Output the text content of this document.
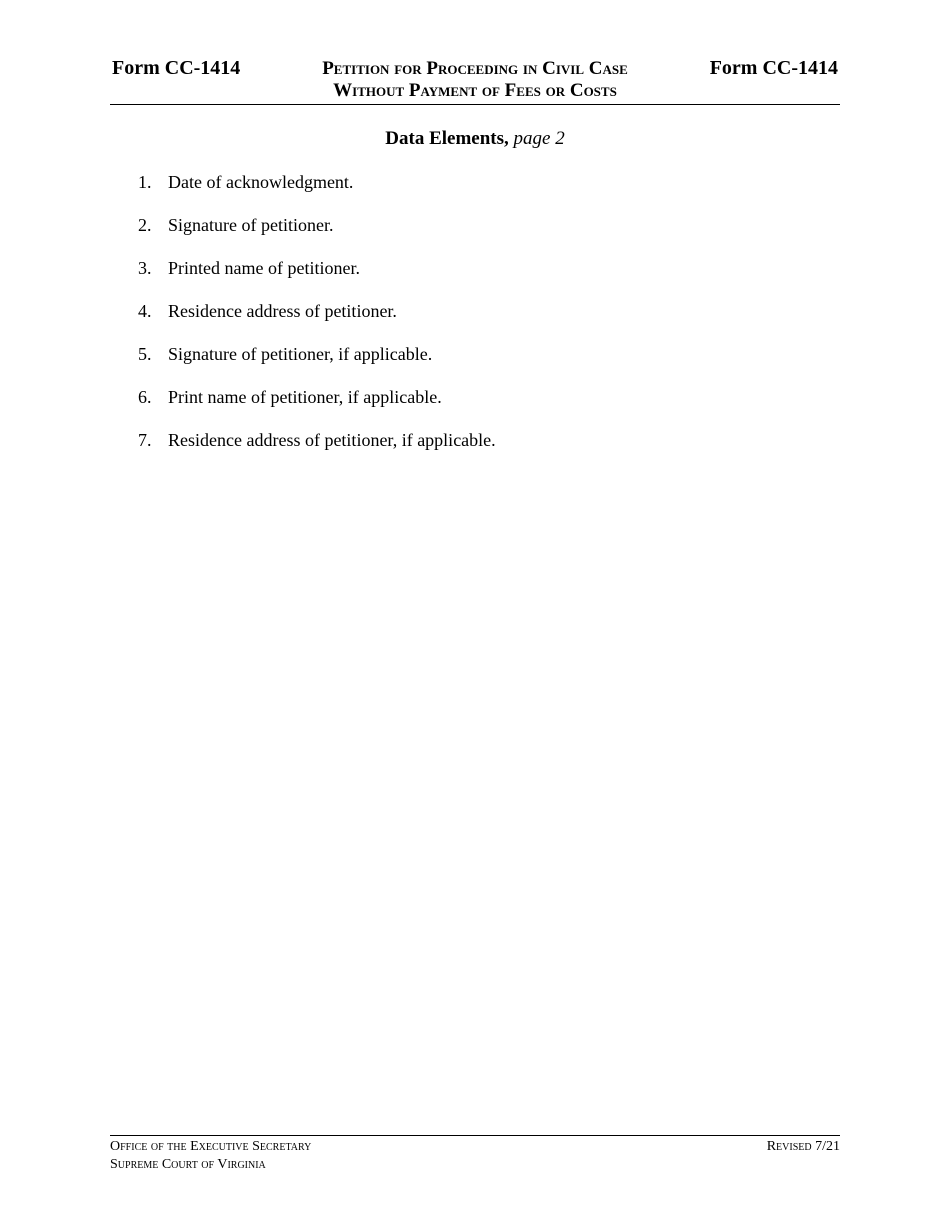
Form CC-1414	Petition for Proceeding in Civil Case
Without Payment of Fees or Costs
Form CC-1414
Data Elements, page 2
1. Date of acknowledgment.
2. Signature of petitioner.
3. Printed name of petitioner.
4. Residence address of petitioner.
5. Signature of petitioner, if applicable.
6. Print name of petitioner, if applicable.
7. Residence address of petitioner, if applicable.
Office of the Executive Secretary
Supreme Court of Virginia
Revised 7/21
